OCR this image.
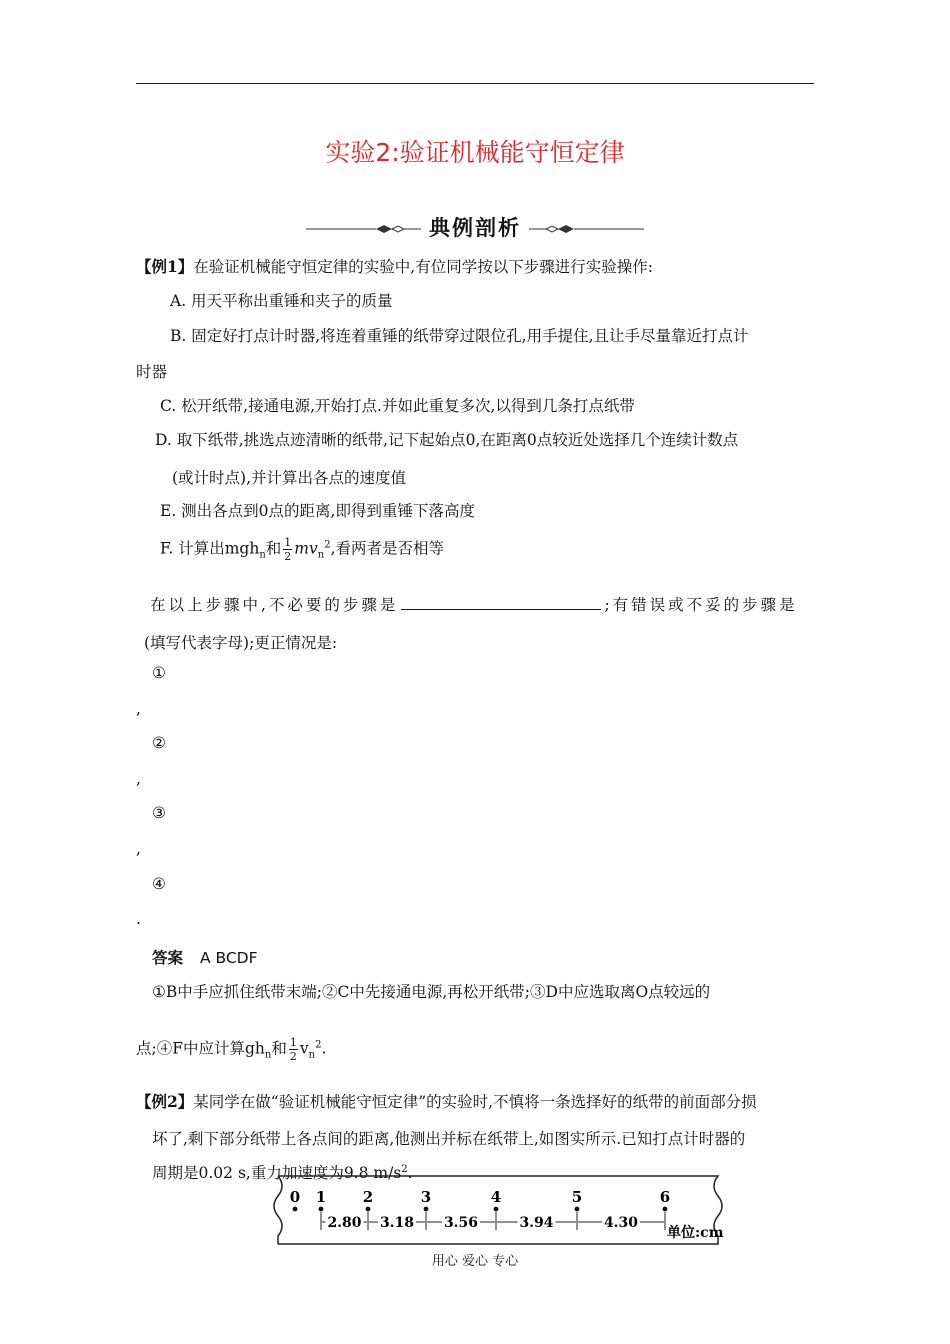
实验2:验证机械能守恒定律
典例剖析
【例1】在验证机械能守恒定律的实验中,有位同学按以下步骤进行实验操作:
A. 用天平称出重锤和夹子的质量
B. 固定好打点计时器,将连着重锤的纸带穿过限位孔,用手提住,且让手尽量靠近打点计
时器
C. 松开纸带,接通电源,开始打点.并如此重复多次,以得到几条打点纸带
D. 取下纸带,挑选点迹清晰的纸带,记下起始点0,在距离0点较近处选择几个连续计数点
(或计时点),并计算出各点的速度值
E. 测出各点到0点的距离,即得到重锤下落高度
F. 计算出mgh$_n$和 $\frac{1}{2} mv_n^2$,看两者是否相等
在以上步骤中,不必要的步骤是	;有错误或不妥的步骤是
(填写代表字母);更正情况是:
①
,
②
,
③
,
④
.
答案 A BCDF
①B中手应抓住纸带末端;②C中先接通电源,再松开纸带;③D中应选取离O点较远的
点;④F中应计算$gh_n$和 $\frac{1}{2} v_n^2$.
【例2】某同学在做“验证机械能守恒定律”的实验时,不慎将一条选择好的纸带的前面部分损
坏了,剩下部分纸带上各点间的距离,他测出并标在纸带上,如图实所示.已知打点计时器的
周期是0.02 s,重力加速度为9.8 $m/s^2$.
0 1 2	3	4	5	6
2.80 3.18 3.56	3.94	4.30
单位:cm
用心 爱心 专心
